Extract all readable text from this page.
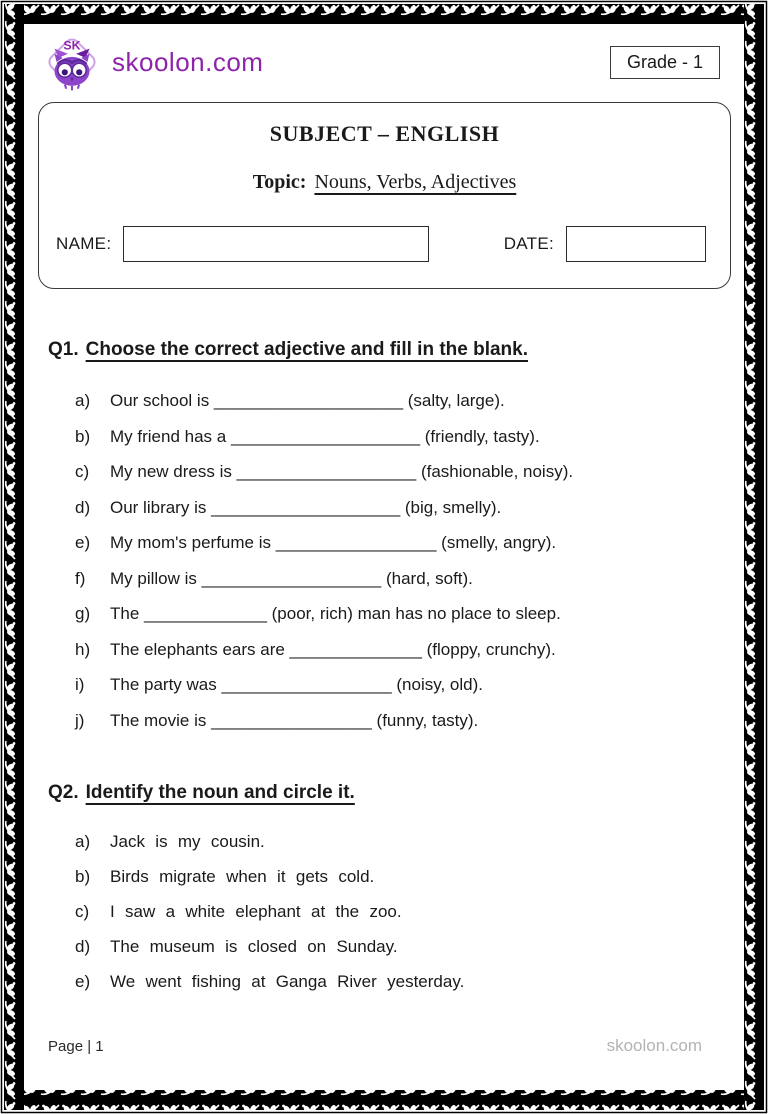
SK
skoolon.com	Grade - 1
SUBJECT – ENGLISH
Topic: Nouns, Verbs, Adjectives
NAME:	DATE:
Q1. Choose the correct adjective and fill in the blank.
a)	Our school is ____________________ (salty, large).
b)	My friend has a ____________________ (friendly, tasty).
c)	My new dress is ___________________ (fashionable, noisy).
d)	Our library is ____________________ (big, smelly).
e)	My mom's perfume is _________________ (smelly, angry).
f)	My pillow is ___________________ (hard, soft).
g)	The _____________ (poor, rich) man has no place to sleep.
h)	The elephants ears are ______________ (floppy, crunchy).
i)	The party was __________________ (noisy, old).
j)	The movie is _________________ (funny, tasty).
Q2. Identify the noun and circle it.
a)	Jack is my cousin.
b)	Birds migrate when it gets cold.
c)	I saw a white elephant at the zoo.
d)	The museum is closed on Sunday.
e)	We went fishing at Ganga River yesterday.
Page | 1	skoolon.com
